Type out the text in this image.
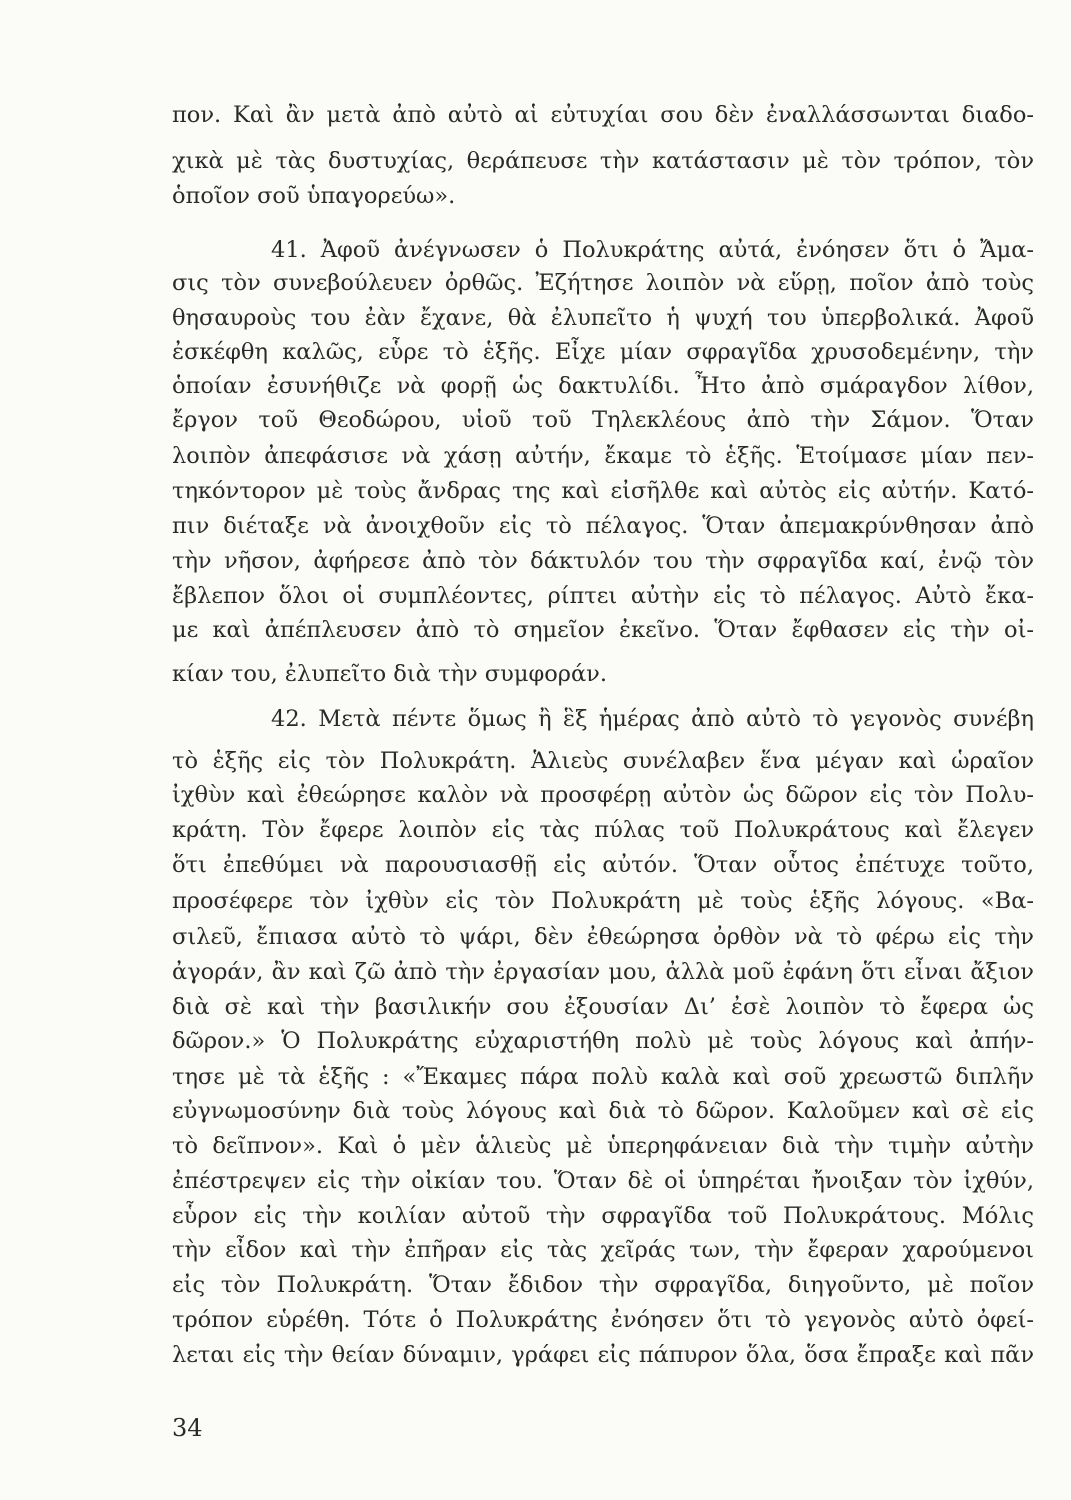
πον. Καὶ ἂν μετὰ ἀπὸ αὐτὸ αἱ εὐτυχίαι σου δὲν ἐναλλάσσωνται διαδο-
χικὰ μὲ τὰς δυστυχίας, θεράπευσε τὴν κατάστασιν μὲ τὸν τρόπον, τὸν
ὁποῖον σοῦ ὑπαγορεύω».
41. Ἀφοῦ ἀνέγνωσεν ὁ Πολυκράτης αὐτά, ἐνόησεν ὅτι ὁ Ἄμα-
σις τὸν συνεβούλευεν ὀρθῶς. Ἐζήτησε λοιπὸν νὰ εὕρῃ, ποῖον ἀπὸ τοὺς
θησαυροὺς του ἐὰν ἔχανε, θὰ ἐλυπεῖτο ἡ ψυχή του ὑπερβολικά. Ἀφοῦ
ἐσκέφθη καλῶς, εὗρε τὸ ἑξῆς. Εἶχε μίαν σφραγῖδα χρυσοδεμένην, τὴν
ὁποίαν ἐσυνήθιζε νὰ φορῇ ὡς δακτυλίδι. Ἦτο ἀπὸ σμάραγδον λίθον,
ἔργον τοῦ Θεοδώρου, υἱοῦ τοῦ Τηλεκλέους ἀπὸ τὴν Σάμον. Ὅταν
λοιπὸν ἀπεφάσισε νὰ χάσῃ αὐτήν, ἔκαμε τὸ ἑξῆς. Ἑτοίμασε μίαν πεν-
τηκόντορον μὲ τοὺς ἄνδρας της καὶ εἰσῆλθε καὶ αὐτὸς εἰς αὐτήν. Κατό-
πιν διέταξε νὰ ἀνοιχθοῦν εἰς τὸ πέλαγος. Ὅταν ἀπεμακρύνθησαν ἀπὸ
τὴν νῆσον, ἀφήρεσε ἀπὸ τὸν δάκτυλόν του τὴν σφραγῖδα καί, ἐνῷ τὸν
ἔβλεπον ὅλοι οἱ συμπλέοντες, ρίπτει αὐτὴν εἰς τὸ πέλαγος. Αὐτὸ ἔκα-
με καὶ ἀπέπλευσεν ἀπὸ τὸ σημεῖον ἐκεῖνο. Ὅταν ἔφθασεν εἰς τὴν οἰ-
κίαν του, ἐλυπεῖτο διὰ τὴν συμφοράν.
42. Μετὰ πέντε ὅμως ἢ ἓξ ἡμέρας ἀπὸ αὐτὸ τὸ γεγονὸς συνέβη
τὸ ἑξῆς εἰς τὸν Πολυκράτη. Ἁλιεὺς συνέλαβεν ἕνα μέγαν καὶ ὡραῖον
ἰχθὺν καὶ ἐθεώρησε καλὸν νὰ προσφέρῃ αὐτὸν ὡς δῶρον εἰς τὸν Πολυ-
κράτη. Τὸν ἔφερε λοιπὸν εἰς τὰς πύλας τοῦ Πολυκράτους καὶ ἔλεγεν
ὅτι ἐπεθύμει νὰ παρουσιασθῇ εἰς αὐτόν. Ὅταν οὗτος ἐπέτυχε τοῦτο,
προσέφερε τὸν ἰχθὺν εἰς τὸν Πολυκράτη μὲ τοὺς ἑξῆς λόγους. «Βα-
σιλεῦ, ἔπιασα αὐτὸ τὸ ψάρι, δὲν ἐθεώρησα ὀρθὸν νὰ τὸ φέρω εἰς τὴν
ἀγοράν, ἂν καὶ ζῶ ἀπὸ τὴν ἐργασίαν μου, ἀλλὰ μοῦ ἐφάνη ὅτι εἶναι ἄξιον
διὰ σὲ καὶ τὴν βασιλικήν σου ἐξουσίαν Δι’ ἐσὲ λοιπὸν τὸ ἔφερα ὡς
δῶρον.» Ὁ Πολυκράτης εὐχαριστήθη πολὺ μὲ τοὺς λόγους καὶ ἀπήν-
τησε μὲ τὰ ἑξῆς : «Ἔκαμες πάρα πολὺ καλὰ καὶ σοῦ χρεωστῶ διπλῆν
εὐγνωμοσύνην διὰ τοὺς λόγους καὶ διὰ τὸ δῶρον. Καλοῦμεν καὶ σὲ εἰς
τὸ δεῖπνον». Καὶ ὁ μὲν ἁλιεὺς μὲ ὑπερηφάνειαν διὰ τὴν τιμὴν αὐτὴν
ἐπέστρεψεν εἰς τὴν οἰκίαν του. Ὅταν δὲ οἱ ὑπηρέται ἤνοιξαν τὸν ἰχθύν,
εὗρον εἰς τὴν κοιλίαν αὐτοῦ τὴν σφραγῖδα τοῦ Πολυκράτους. Μόλις
τὴν εἶδον καὶ τὴν ἐπῆραν εἰς τὰς χεῖράς των, τὴν ἔφεραν χαρούμενοι
εἰς τὸν Πολυκράτη. Ὅταν ἔδιδον τὴν σφραγῖδα, διηγοῦντο, μὲ ποῖον
τρόπον εὑρέθη. Τότε ὁ Πολυκράτης ἐνόησεν ὅτι τὸ γεγονὸς αὐτὸ ὀφεί-
λεται εἰς τὴν θείαν δύναμιν, γράφει εἰς πάπυρον ὅλα, ὅσα ἔπραξε καὶ πᾶν
34
